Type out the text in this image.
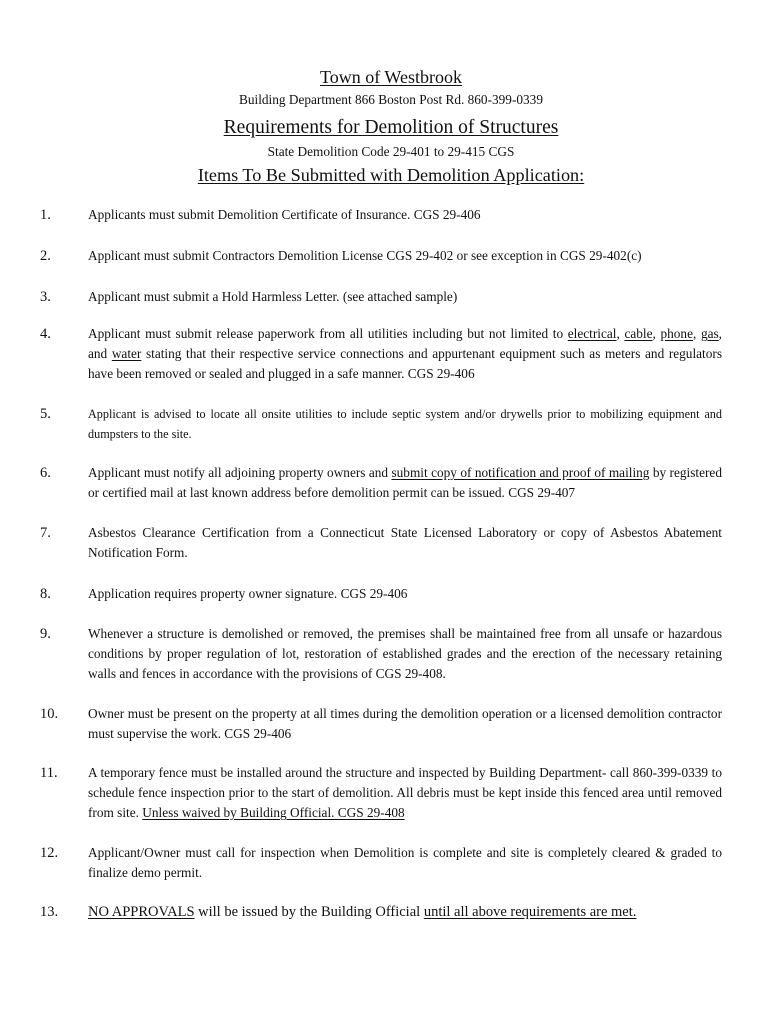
Town of Westbrook
Building Department 866 Boston Post Rd. 860-399-0339
Requirements for Demolition of Structures
State Demolition Code 29-401 to 29-415 CGS
Items To Be Submitted with Demolition Application:
1.	Applicants must submit Demolition Certificate of Insurance. CGS 29-406
2.	Applicant must submit Contractors Demolition License CGS 29-402 or see exception in CGS 29-402(c)
3.	Applicant must submit a Hold Harmless Letter. (see attached sample)
4.	Applicant must submit release paperwork from all utilities including but not limited to electrical, cable, phone, gas, and water stating that their respective service connections and appurtenant equipment such as meters and regulators have been removed or sealed and plugged in a safe manner. CGS 29-406
5.	Applicant is advised to locate all onsite utilities to include septic system and/or drywells prior to mobilizing equipment and dumpsters to the site.
6.	Applicant must notify all adjoining property owners and submit copy of notification and proof of mailing by registered or certified mail at last known address before demolition permit can be issued. CGS 29-407
7.	Asbestos Clearance Certification from a Connecticut State Licensed Laboratory or copy of Asbestos Abatement Notification Form.
8.	Application requires property owner signature. CGS 29-406
9.	Whenever a structure is demolished or removed, the premises shall be maintained free from all unsafe or hazardous conditions by proper regulation of lot, restoration of established grades and the erection of the necessary retaining walls and fences in accordance with the provisions of CGS 29-408.
10. Owner must be present on the property at all times during the demolition operation or a licensed demolition contractor must supervise the work. CGS 29-406
11. A temporary fence must be installed around the structure and inspected by Building Department- call 860-399-0339 to schedule fence inspection prior to the start of demolition. All debris must be kept inside this fenced area until removed from site. Unless waived by Building Official. CGS 29-408
12. Applicant/Owner must call for inspection when Demolition is complete and site is completely cleared & graded to finalize demo permit.
13. NO APPROVALS will be issued by the Building Official until all above requirements are met.
